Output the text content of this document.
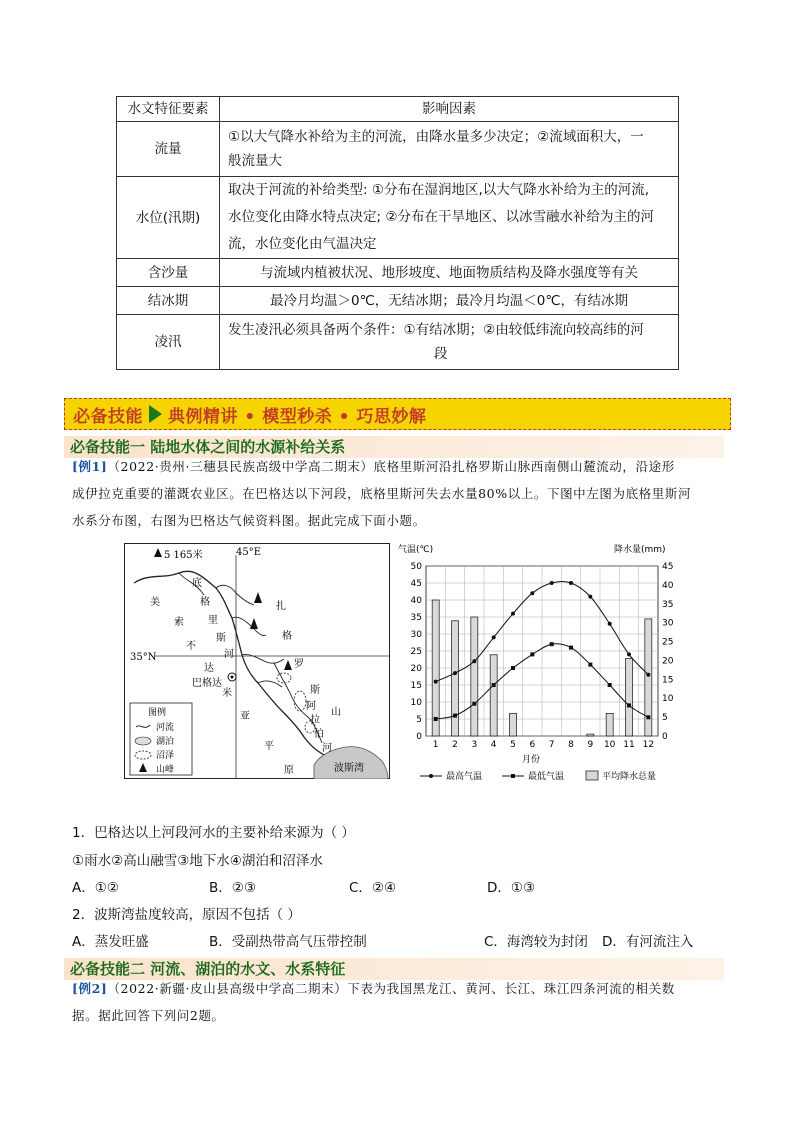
水文特征要素	影响因素
流量	①以大气降水补给为主的河流，由降水量多少决定；②流域面积大，一
般流量大

水位(汛期)	取决于河流的补给类型: ①分布在湿润地区,以大气降水补给为主的河流,
水位变化由降水特点决定; ②分布在干旱地区、以冰雪融水补给为主的河
流，水位变化由气温决定

含沙量	与流域内植被状况、地形坡度、地面物质结构及降水强度等有关
结冰期	最冷月均温＞0℃，无结冰期；最冷月均温＜0℃，有结冰期
凌汛	发生凌汛必须具备两个条件：①有结冰期；②由较低纬流向较高纬的河
段
必备技能 典例精讲 • 模型秒杀 • 巧思妙解
必备技能一 陆地水体之间的水源补给关系
[例1]（2022·贵州·三穗县民族高级中学高二期末）底格里斯河沿扎格罗斯山脉西南侧山麓流动，沿途形
成伊拉克重要的灌溉农业区。在巴格达以下河段，底格里斯河失去水量80%以上。下图中左图为底格里斯河
水系分布图，右图为巴格达气候资料图。据此完成下面小题。
5 165米	45°E
35°N
底
格
里
斯
河
美
索
不
达
米
亚
平
原
扎
格
罗
斯
山
阿
拉
伯
河
巴格达
波斯湾
图例
河流
湖泊
沼泽
山峰
气温(℃)	降水量(mm)
月份
0
5
10
15
20
25
30
35
40
45
50
0
5
10
15
20
25
30
35
40
45
1 2 3 4 5 6 7 8 9 10 11 12
最高气温	最低气温	平均降水总量
1．巴格达以上河段河水的主要补给来源为（ ）
①雨水②高山融雪③地下水④湖泊和沼泽水
A．①②	B．②③	C．②④	D．①③
2．波斯湾盐度较高，原因不包括（ ）
A．蒸发旺盛	B．受副热带高气压带控制	C．海湾较为封闭 D．有河流注入
必备技能二 河流、湖泊的水文、水系特征
[例2]（2022·新疆·皮山县高级中学高二期末）下表为我国黑龙江、黄河、长江、珠江四条河流的相关数
据。据此回答下列问2题。
